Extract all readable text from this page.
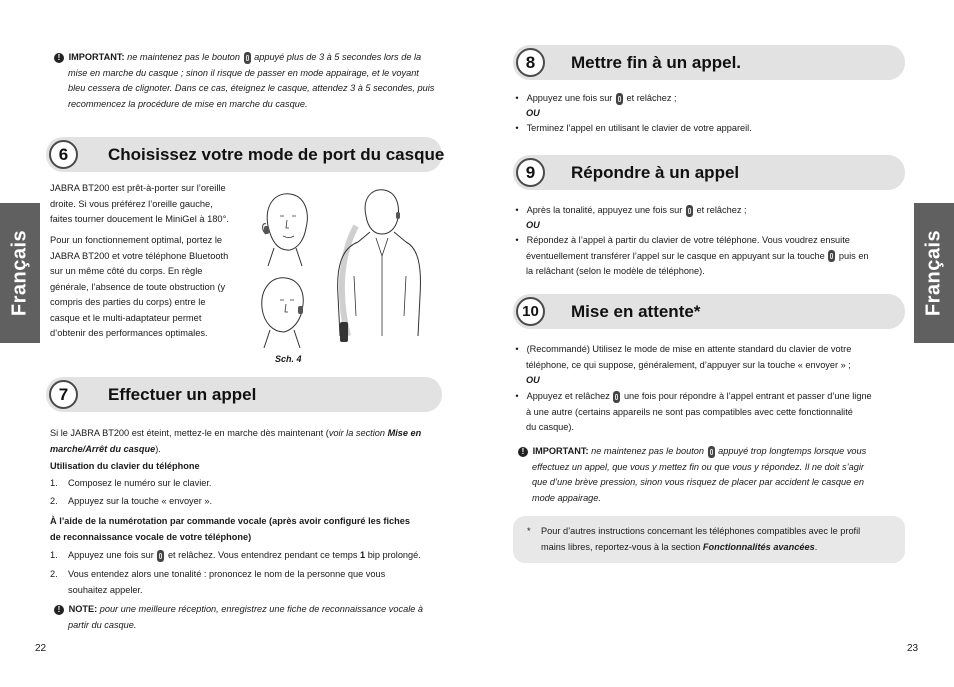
Français	Français
! IMPORTANT: ne maintenez pas le bouton appuyé plus de 3 à 5 secondes lors de la
mise en marche du casque ; sinon il risque de passer en mode appairage, et le voyant
bleu cessera de clignoter. Dans ce cas, éteignez le casque, attendez 3 à 5 secondes, puis
recommencez la procédure de mise en marche du casque.
6	Choisissez votre mode de port du casque
JABRA BT200 est prêt-à-porter sur l’oreille
droite. Si vous préférez l’oreille gauche,
faites tourner doucement le MiniGel à 180°.
Pour un fonctionnement optimal, portez le
JABRA BT200 et votre téléphone Bluetooth
sur un même côté du corps. En règle
générale, l’absence de toute obstruction (y
compris des parties du corps) entre le
casque et le multi-adaptateur permet
d’obtenir des performances optimales.
Sch. 4
7	Effectuer un appel
Si le JABRA BT200 est éteint, mettez-le en marche dès maintenant (voir la section Mise en
marche/Arrêt du casque).
Utilisation du clavier du téléphone
1. Composez le numéro sur le clavier.
2. Appuyez sur la touche « envoyer ».
À l’aide de la numérotation par commande vocale (après avoir configuré les fiches
de reconnaissance vocale de votre téléphone)
1. Appuyez une fois sur et relâchez. Vous entendrez pendant ce temps 1 bip prolongé.
2. Vous entendez alors une tonalité : prononcez le nom de la personne que vous
souhaitez appeler.
! NOTE: pour une meilleure réception, enregistrez une fiche de reconnaissance vocale à
partir du casque.
22
8	Mettre fin à un appel.
• Appuyez une fois sur et relâchez ;
OU
• Terminez l’appel en utilisant le clavier de votre appareil.
9	Répondre à un appel
• Après la tonalité, appuyez une fois sur et relâchez ;
OU
• Répondez à l’appel à partir du clavier de votre téléphone. Vous voudrez ensuite
éventuellement transférer l’appel sur le casque en appuyant sur la touche puis en
la relâchant (selon le modèle de téléphone).
10	Mise en attente*
• (Recommandé) Utilisez le mode de mise en attente standard du clavier de votre
téléphone, ce qui suppose, généralement, d’appuyer sur la touche « envoyer » ;
OU
• Appuyez et relâchez une fois pour répondre à l’appel entrant et passer d’une ligne
à une autre (certains appareils ne sont pas compatibles avec cette fonctionnalité
du casque).
! IMPORTANT: ne maintenez pas le bouton appuyé trop longtemps lorsque vous
effectuez un appel, que vous y mettez fin ou que vous y répondez. Il ne doit s’agir
que d’une brève pression, sinon vous risquez de placer par accident le casque en
mode appairage.
* Pour d’autres instructions concernant les téléphones compatibles avec le profil
mains libres, reportez-vous à la section Fonctionnalités avancées.
23
